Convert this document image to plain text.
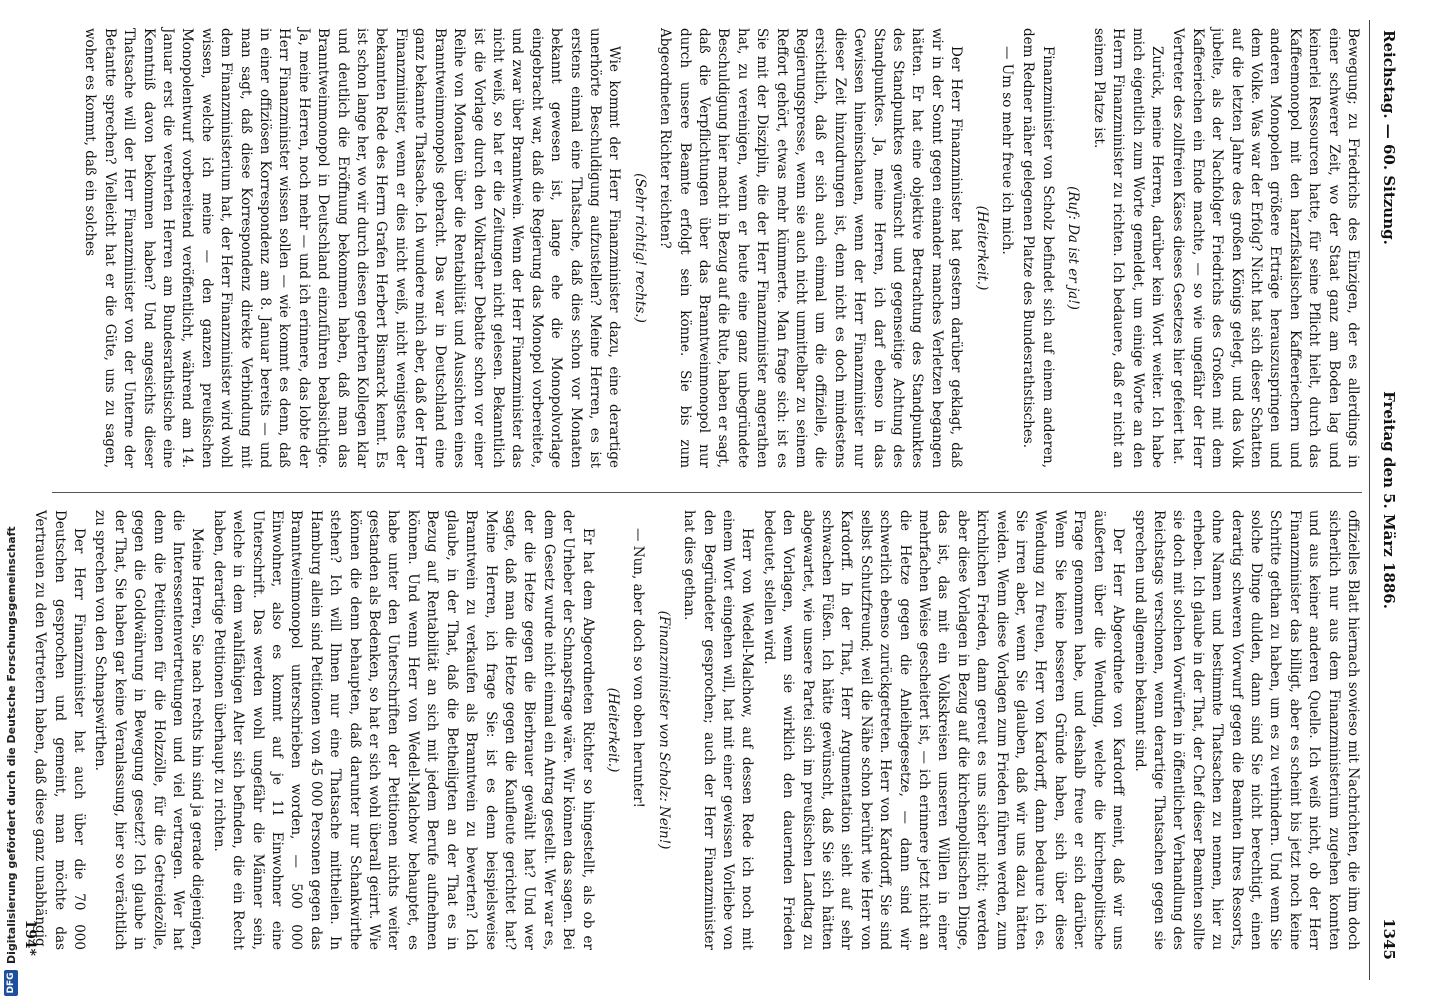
Reichstag. — 60. Sitzung.
Freitag den 5. März 1886.
1345

Bewegung; zu Friedrichs des Einzigen, der es allerdings in einer schwerer Zeit, wo der Staat ganz am Boden lag und keinerlei Ressourcen hatte, für seine Pflicht hielt, durch das Kaffeemonopol mit den harzfiskalischen Kaffeeriechern und anderen Monopolen größere Erträge herauszuspringen und dem Volke. Was war der Erfolg? Nicht hat sich dieser Schatten auf die letzten Jahre des großen Königs gelegt, und das Volk jubelte, als der Nachfolger Friedrichs des Großen mit dem Kaffeeriechen ein Ende machte, — so wie ungefähr der Herr Vertreter des zollfreien Käses dieses Gesetzes hier gefeiert hat.

Zurück, meine Herren, darüber kein Wort weiter. Ich habe mich eigentlich zum Worte gemeldet, um einige Worte an den Herrn Finanzminister zu richten. Ich bedauere, daß er nicht an seinem Platze ist.

(Ruf: Da ist er ja!)

Finanzminister von Scholz befindet sich auf einem anderen, dem Redner näher gelegenen Platze des Bundesrathstisches.

— Um so mehr freue ich mich.

(Heiterkeit.)

Der Herr Finanzminister hat gestern darüber geklagt, daß wir in der Sonnt gegen einander manches Verletzen begangen hätten. Er hat eine objektive Betrachtung des Standpunktes des Standpunktes gewünscht und gegenseitige Achtung des Standpunktes. Ja, meine Herren, ich darf ebenso in das Gewissen hineinschauen, wenn der Herr Finanzminister nur dieser Zeit hinzudrungen ist, denn nicht es doch mindestens ersichtlich, daß er sich auch einmal um die offizielle, die Regierungspresse, wenn sie auch nicht unmittelbar zu seinem Reffort gehört, etwas mehr kümmerte. Man frage sich: ist es Sie mit der Disziplin, die der Herr Finanzminister angerathen hat, zu vereinigen, wenn er heute eine ganz unbegründete Beschuldigung hier macht in Bezug auf die Rute, haben er sagt, daß die Verpflichtungen über das Branntweinmonopol nur durch unsere Beamte erfolgt sein könne. Sie bis zum Abgeordneten Richter reichten?

(Sehr richtig! rechts.)

Wie kommt der Herr Finanzminister dazu, eine derartige unerhörte Beschuldigung aufzustellen? Meine Herren, es ist erstens einmal eine Thatsache, daß dies schon vor Monaten bekannt gewesen ist, lange ehe die Monopolvorlage eingebracht war, daß die Regierung das Monopol vorbereitete, und zwar über Branntwein. Wenn der Herr Finanzminister das nicht weiß, so hat er die Zeitungen nicht gelesen. Bekanntlich ist die Vorlage durch den Volkrather Debatte schon vor einer Reihe von Monaten über die Rentabilität und Aussichten eines Branntweinmonopols gebracht. Das war in Deutschland eine ganz bekannte Thatsache. Ich wundere mich aber, daß der Herr Finanzminister, wenn er dies nicht weiß, nicht wenigstens der bekannten Rede des Herrn Grafen Herbert Bismarck kennt. Es ist schon lange her, wo wir durch diesen geehrten Kollegen klar und deutlich die Eröffnung bekommen haben, daß man das Branntweinmonopol in Deutschland einzuführen beabsichtige. Ja, meine Herren, noch mehr — und ich erinnere, das lobte der Herr Finanzminister wissen sollen — wie kommt es denn, daß in einer offiziösen Korrespondenz am 8. Januar bereits — und man sagt, daß diese Korrespondenz direkte Verbindung mit dem Finanzministerium hat, der Herr Finanzminister wird wohl wissen, welche ich meine — den ganzen preußischen Monopolentwurf vorbereitend veröffentlicht, während am 14. Januar erst die verehrten Herren am Bundesrathstische eine Kenntniß davon bekommen haben? Und angesichts dieser Thatsache will der Herr Finanzminister von der Unterne der Betantte sprechen? Vielleicht hat er die Güte, uns zu sagen, woher es kommt, daß ein solches

offizielles Blatt hiernach sowieso mit Nachrichten, die ihm doch sicherlich nur aus dem Finanzministerium zugehen konnten und aus keiner anderen Quelle. Ich weiß nicht, ob der Herr Finanzminister das billigt, aber es scheint bis jetzt noch keine Schritte gethan zu haben, um es zu verhindern. Und wenn Sie solche Dinge dulden, dann sind Sie nicht berechtigt, einen derartig schweren Vorwurf gegen die Beamten Ihres Ressorts, ohne Namen und bestimmte Thatsachen zu nennen, hier zu erheben. Ich glaube in der That, der Chef dieser Beamten sollte sie doch mit solchen Vorwürfen in öffentlicher Verhandlung des Reichstags verschonen, wenn derartige Thatsachen gegen sie sprechen und allgemein bekannt sind.

Der Herr Abgeordnete von Kardorff meint, daß wir uns äußerten über die Wendung, welche die kirchenpolitische Frage genommen habe, und deshalb freue er sich darüber. Wenn Sie keine besseren Gründe haben, sich über diese Wendung zu freuen, Herr von Kardorff, dann bedaure ich es. Sie irren aber, wenn Sie glauben, daß wir uns dazu hätten weiden. Wenn diese Vorlagen zum Frieden führen werden, zum kirchlichen Frieden, dann gereut es uns sicher nicht; werden aber diese Vorlagen in Bezug auf die kirchenpolitischen Dinge, das ist, das mit ein Volkskreisen unseren Willen in einer mehrfachen Weise gescheitert ist, — ich erinnere jetzt nicht an die Hetze gegen die Anleihegesetze, — dann sind wir schwerlich ebenso zurückgetreten. Herr von Kardorff, Sie sind selbst Schutzfreund; weil die Nähe schon berührt wie Herr von Kardorff. In der That, Herr Argumentation sieht auf sehr schwachen Füßen. Ich hätte gewünscht, daß Sie sich hätten abgewartet, wie unsere Partei sich im preußischen Landtag zu den Vorlagen, wenn sie wirklich den dauernden Frieden bedeutet, stellen wird.

Herr von Wedell-Malchow, auf dessen Rede ich noch mit einem Wort eingehen will, hat mit einer gewissen Vorliebe von den Begründeter gesprochen; auch der Herr Finanzminister hat dies gethan.

(Finanzminister von Scholz: Nein!)

— Nun, aber doch so von oben herunter!

(Heiterkeit.)

Er hat dem Abgeordneten Richter so hingestellt, als ob er der Urheber der Schnapsfrage wäre. Wir können das sagen. Bei dem Gesetz wurde nicht einmal ein Antrag gestellt. Wer war es, der die Hetze gegen die Bierbrauer gewählt hat? Und wer sagte, daß man die Hetze gegen die Kaufleute gerichtet hat? Meine Herren, ich frage Sie: ist es denn beispielsweise Branntwein zu verkaufen als Branntwein zu bewerten? Ich glaube, in der That, daß die Betheiligten an der That es in Bezug auf Rentabilität an sich mit jedem Berufe aufnehmen können. Und wenn Herr von Wedell-Malchow behauptet, es habe unter den Unterschriften der Petitionen nichts weiter gestanden als Bedenken, so hat er sich wohl überall geirrt. Wie können die denn behaupten, daß darunter nur Schankwirthe stehen? Ich will Ihnen nur eine Thatsache mittheilen. In Hamburg allein sind Petitionen von 45 000 Personen gegen das Branntweinmonopol unterschrieben worden, — 500 000 Einwohner, also es kommt auf je 11 Einwohner eine Unterschrift. Das werden wohl ungefähr die Männer sein, welche in dem wahlfähigen Alter sich befinden, die ein Recht haben, derartige Petitionen überhaupt zu richten.

Meine Herren, Sie nach rechts hin sind ja gerade diejenigen, die Interessentenvertretungen und viel vertragen. Wer hat denn die Petitionen für die Holzzölle, für die Getreidezölle, gegen die Goldwährung in Bewegung gesetzt? Ich glaube in der That, Sie haben gar keine Veranlassung, hier so verächtlich zu sprechen von den Schnapswirthen.

Der Herr Finanzminister hat auch über die 70 000 Deutschen gesprochen und gemeint, man möchte das Vertrauen zu den Vertretern haben, daß diese ganz unabhängig

194*
DFG
Digitalisierung gefördert durch die Deutsche Forschungsgemeinschaft
